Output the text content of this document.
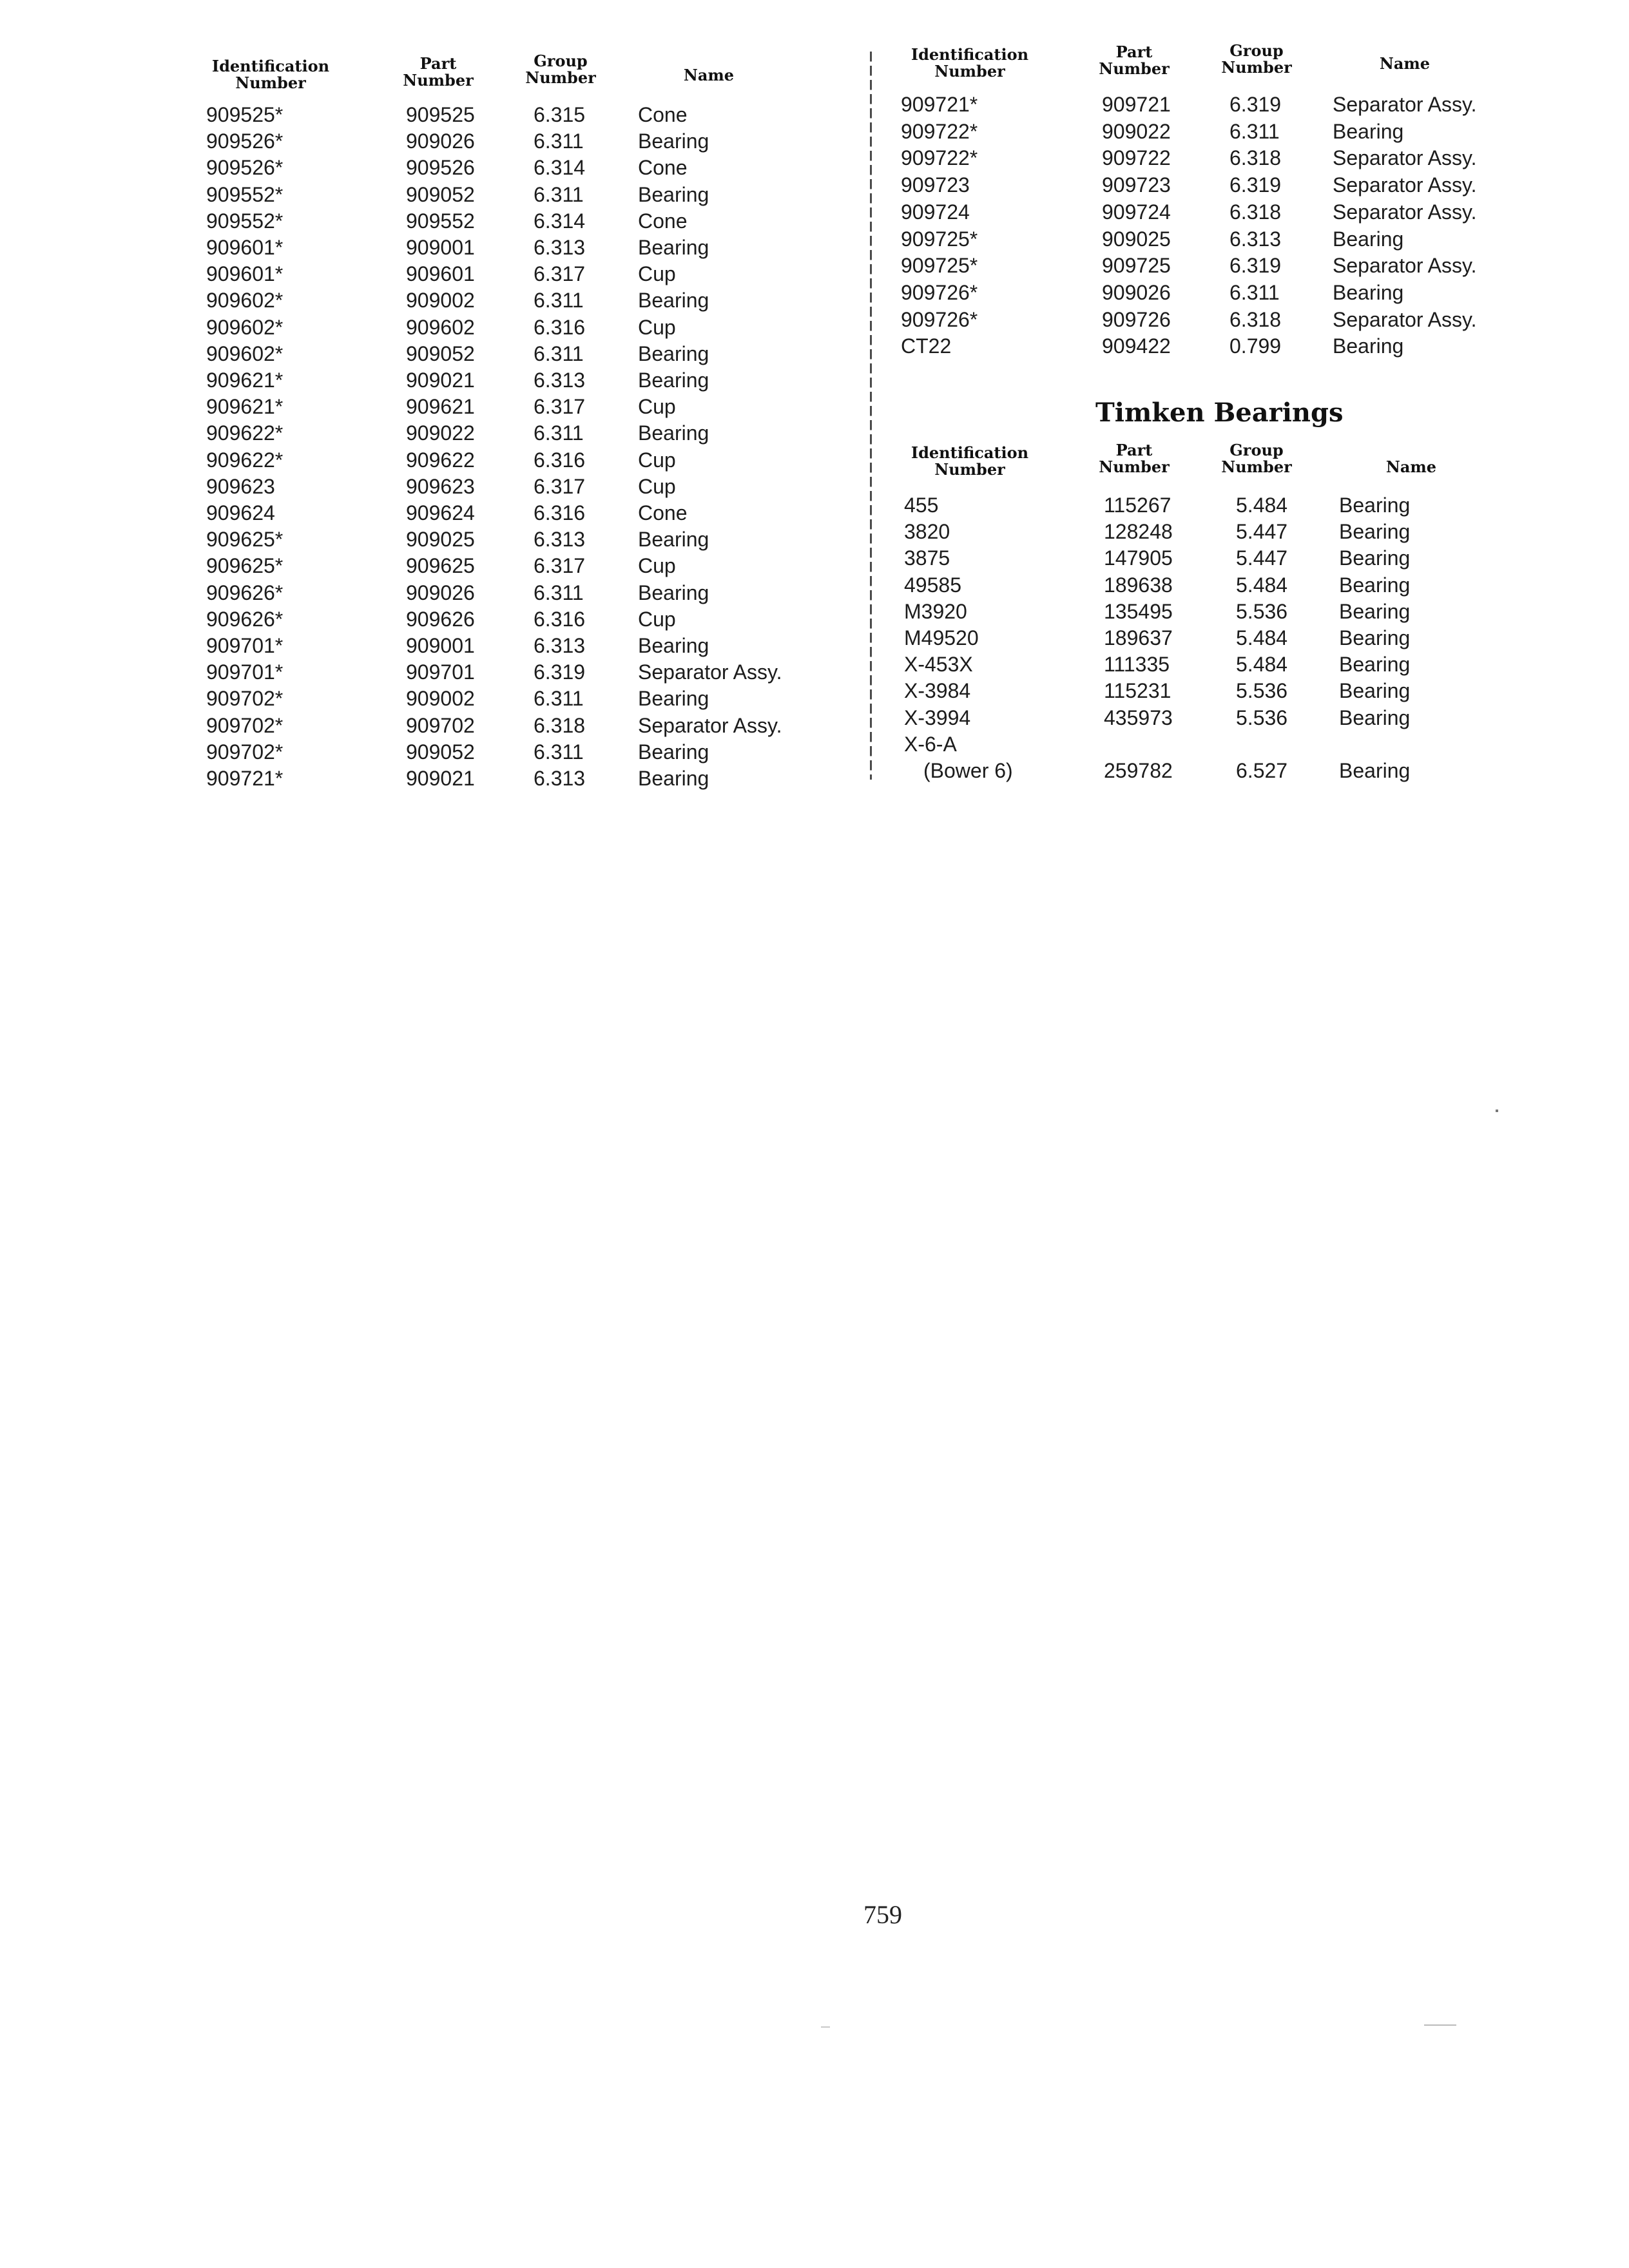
Identification
Number
Part
Number
Group
Number	Name
Identification
Number
Part
Number
Group
Number	Name
Timken Bearings
Identification
Number
Part
Number
Group
Number	Name
909525*	909525	6.315	Cone
909526*	909026	6.311	Bearing
909526*	909526	6.314	Cone
909552*	909052	6.311	Bearing
909552*	909552	6.314	Cone
909601*	909001	6.313	Bearing
909601*	909601	6.317	Cup
909602*	909002	6.311	Bearing
909602*	909602	6.316	Cup
909602*	909052	6.311	Bearing
909621*	909021	6.313	Bearing
909621*	909621	6.317	Cup
909622*	909022	6.311	Bearing
909622*	909622	6.316	Cup
909623	909623	6.317	Cup
909624	909624	6.316	Cone
909625*	909025	6.313	Bearing
909625*	909625	6.317	Cup
909626*	909026	6.311	Bearing
909626*	909626	6.316	Cup
909701*	909001	6.313	Bearing
909701*	909701	6.319	Separator Assy.
909702*	909002	6.311	Bearing
909702*	909702	6.318	Separator Assy.
909702*	909052	6.311	Bearing
909721*	909021	6.313	Bearing
909721*	909721	6.319 Separator Assy.
909722*	909022	6.311	Bearing
909722*	909722	6.318 Separator Assy.
909723	909723	6.319 Separator Assy.
909724	909724	6.318 Separator Assy.
909725*	909025	6.313 Bearing
909725*	909725	6.319 Separator Assy.
909726*	909026	6.311	Bearing
909726*	909726	6.318 Separator Assy.
CT22	909422	0.799 Bearing
455	115267	5.484 Bearing
3820	128248	5.447 Bearing
3875	147905	5.447 Bearing
49585	189638	5.484 Bearing
M3920	135495	5.536 Bearing
M49520	189637	5.484 Bearing
X-453X	111335	5.484 Bearing
X-3984	115231	5.536 Bearing
X-3994	435973	5.536 Bearing
X-6-A
(Bower 6)	259782	6.527 Bearing
759
